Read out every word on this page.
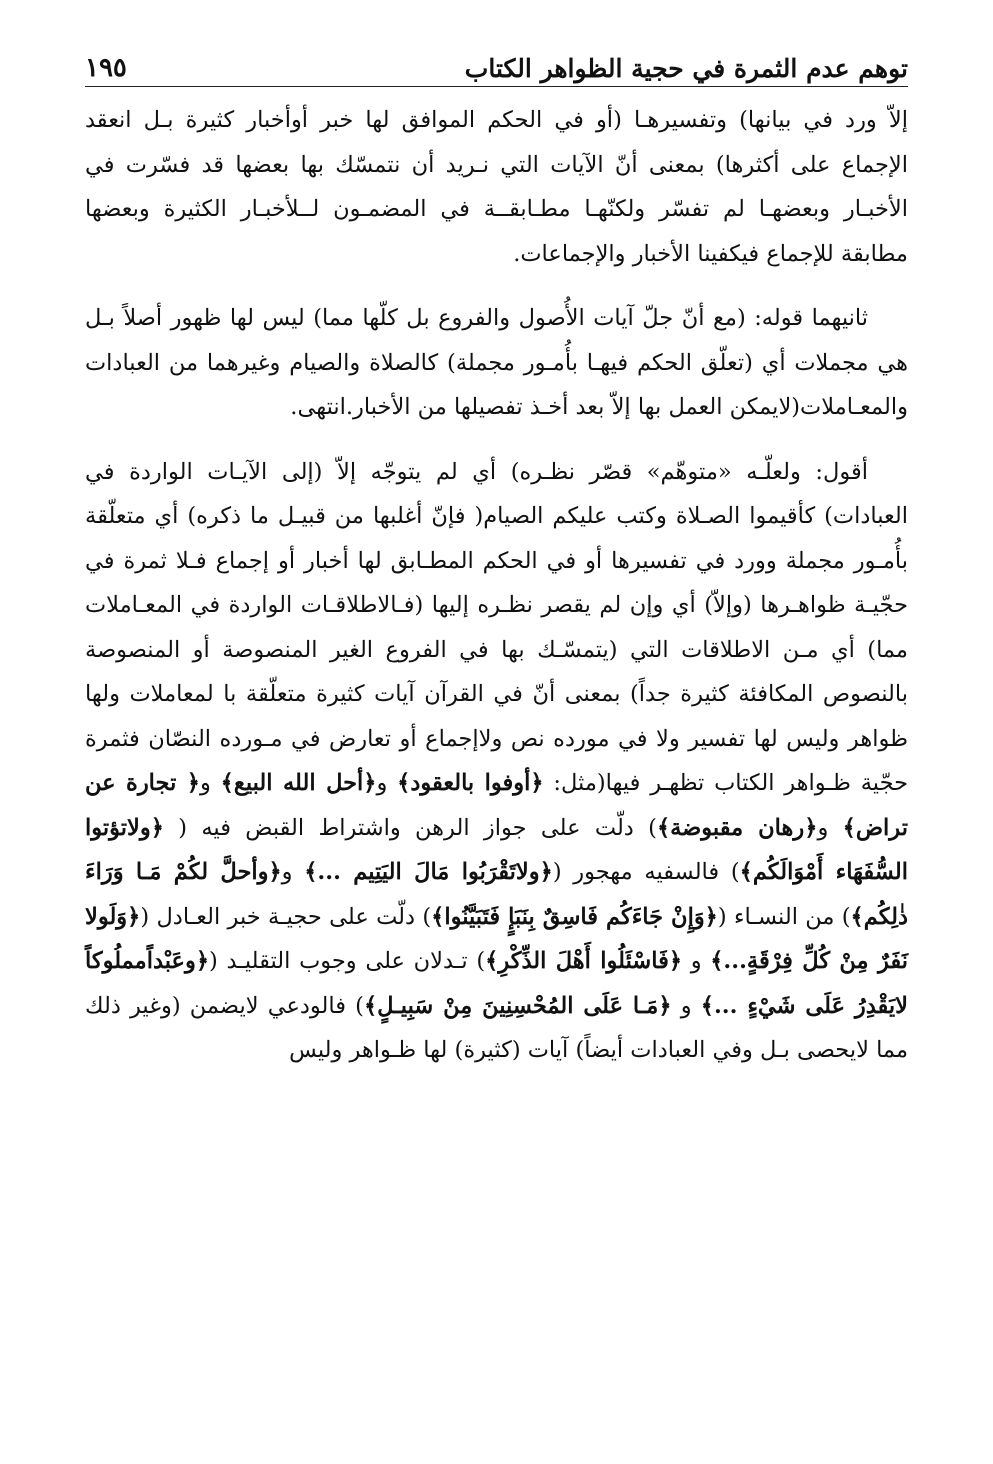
توهم عدم الثمرة في حجية الظواهر الكتاب
١٩٥

إلاّ ورد في بيانها) وتفسيرهـا (أو في الحكم الموافق لها خبر أوأخبار كثيرة بـل انعقد الإجماع على أكثرها) بمعنى أنّ الآيات التي نـريد أن نتمسّك بها بعضها قد فسّرت في الأخبـار وبعضهـا لم تفسّر ولكنّهـا مطـابقــة في المضمـون لــلأخبـار الكثيرة وبعضها مطابقة للإجماع فيكفينا الأخبار والإجماعات.

ثانيهما قوله: (مع أنّ جلّ آيات الأُصول والفروع بل كلّها مما) ليس لها ظهور أصلاً بـل هي مجملات أي (تعلّق الحكم فيهـا بأُمـور مجملة) كالصلاة والصيام وغيرهما من العبادات والمعـاملات(لايمكن العمل بها إلاّ بعد أخـذ تفصيلها من الأخبار.انتهى.

أقول: ولعلّـه «متوهّم» قصّر نظـره) أي لم يتوجّه إلاّ (إلى الآيـات الواردة في العبادات) كأقيموا الصـلاة وكتب عليكم الصيام( فإنّ أغلبها من قبيـل ما ذكره) أي متعلّقة بأُمـور مجملة وورد في تفسيرها أو في الحكم المطـابق لها أخبار أو إجماع فـلا ثمرة في حجّيـة ظواهـرها (وإلاّ) أي وإن لم يقصر نظـره إليها (فـالاطلاقـات الواردة في المعـاملات مما) أي مـن الاطلاقات التي (يتمسّـك بها في الفروع الغير المنصوصة أو المنصوصة بالنصوص المكافئة كثيرة جداً) بمعنى أنّ في القرآن آيات كثيرة متعلّقة با لمعاملات ولها ظواهر وليس لها تفسير ولا في مورده نص ولاإجماع أو تعارض في مـورده النصّان فثمرة حجّية ظـواهر الكتاب تظهـر فيها(مثل: ﴿أوفوا بالعقود﴾ و﴿أحل الله البيع﴾ و﴿ تجارة عن تراض﴾ و﴿رهان مقبوضة﴾) دلّت على جواز الرهن واشتراط القبض فيه ( ﴿ولاتؤتوا السُّفَهَاء أَمْوَالَكُم﴾) فالسفيه مهجور (﴿ولاتَقْرَبُوا مَالَ اليَتِيم ...﴾ و﴿وأحلَّ لكُمْ مَـا وَرَاءَ ذٰلِكُم﴾) من النسـاء (﴿وَإِنْ جَاءَكُم فَاسِقٌ بِنَبَإٍ فَتَبَيَّنُوا﴾) دلّت على حجيـة خبر العـادل (﴿وَلَولا نَفَرٌ مِنْ كُلِّ فِرْقَةٍ...﴾ و ﴿فَاسْئَلُوا أَهْلَ الذِّكْرِ﴾) تـدلان على وجوب التقليـد (﴿وعَبْداًمملُوكاً لايَقْدِرُ عَلَى شَيْءٍ ...﴾ و ﴿مَـا عَلَى المُحْسِنِينَ مِنْ سَبِيـلٍ﴾) فالودعي لايضمن (وغير ذلك مما لايحصى بـل وفي العبادات أيضاً) آيات (كثيرة) لها ظـواهر وليس
